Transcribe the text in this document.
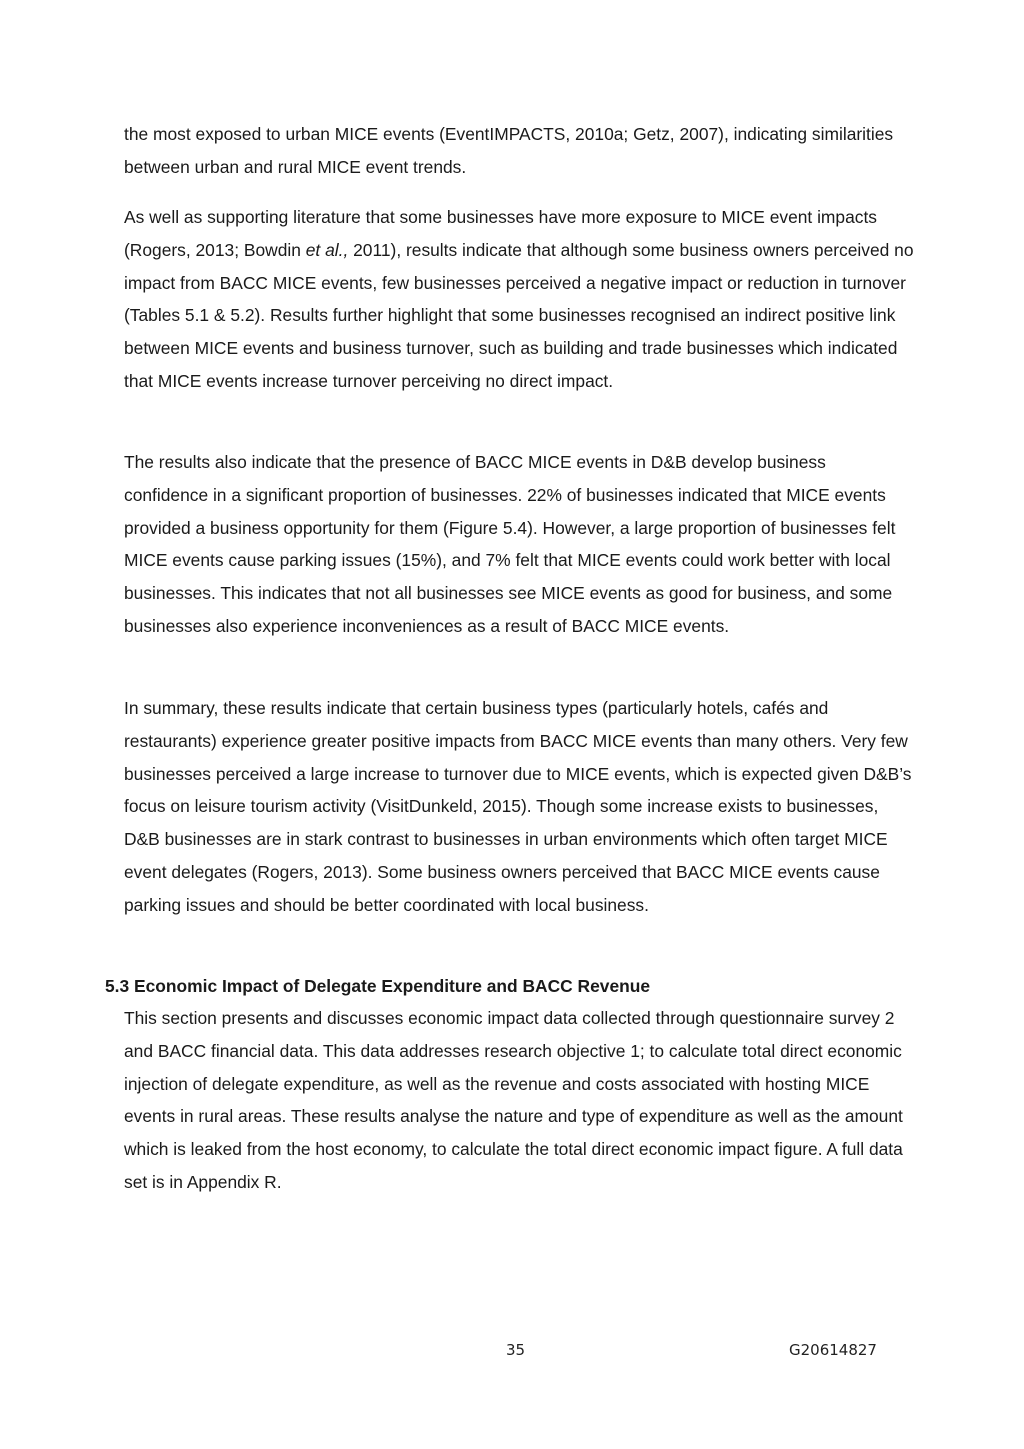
the most exposed to urban MICE events (EventIMPACTS, 2010a; Getz, 2007), indicating similarities between urban and rural MICE event trends.

As well as supporting literature that some businesses have more exposure to MICE event impacts (Rogers, 2013; Bowdin et al., 2011), results indicate that although some business owners perceived no impact from BACC MICE events, few businesses perceived a negative impact or reduction in turnover (Tables 5.1 & 5.2). Results further highlight that some businesses recognised an indirect positive link between MICE events and business turnover, such as building and trade businesses which indicated that MICE events increase turnover perceiving no direct impact.

The results also indicate that the presence of BACC MICE events in D&B develop business confidence in a significant proportion of businesses. 22% of businesses indicated that MICE events provided a business opportunity for them (Figure 5.4). However, a large proportion of businesses felt MICE events cause parking issues (15%), and 7% felt that MICE events could work better with local businesses. This indicates that not all businesses see MICE events as good for business, and some businesses also experience inconveniences as a result of BACC MICE events.

In summary, these results indicate that certain business types (particularly hotels, cafés and restaurants) experience greater positive impacts from BACC MICE events than many others. Very few businesses perceived a large increase to turnover due to MICE events, which is expected given D&B’s focus on leisure tourism activity (VisitDunkeld, 2015). Though some increase exists to businesses, D&B businesses are in stark contrast to businesses in urban environments which often target MICE event delegates (Rogers, 2013). Some business owners perceived that BACC MICE events cause parking issues and should be better coordinated with local business.

5.3 Economic Impact of Delegate Expenditure and BACC Revenue

This section presents and discusses economic impact data collected through questionnaire survey 2 and BACC financial data. This data addresses research objective 1; to calculate total direct economic injection of delegate expenditure, as well as the revenue and costs associated with hosting MICE events in rural areas. These results analyse the nature and type of expenditure as well as the amount which is leaked from the host economy, to calculate the total direct economic impact figure. A full data set is in Appendix R.

35	G20614827
